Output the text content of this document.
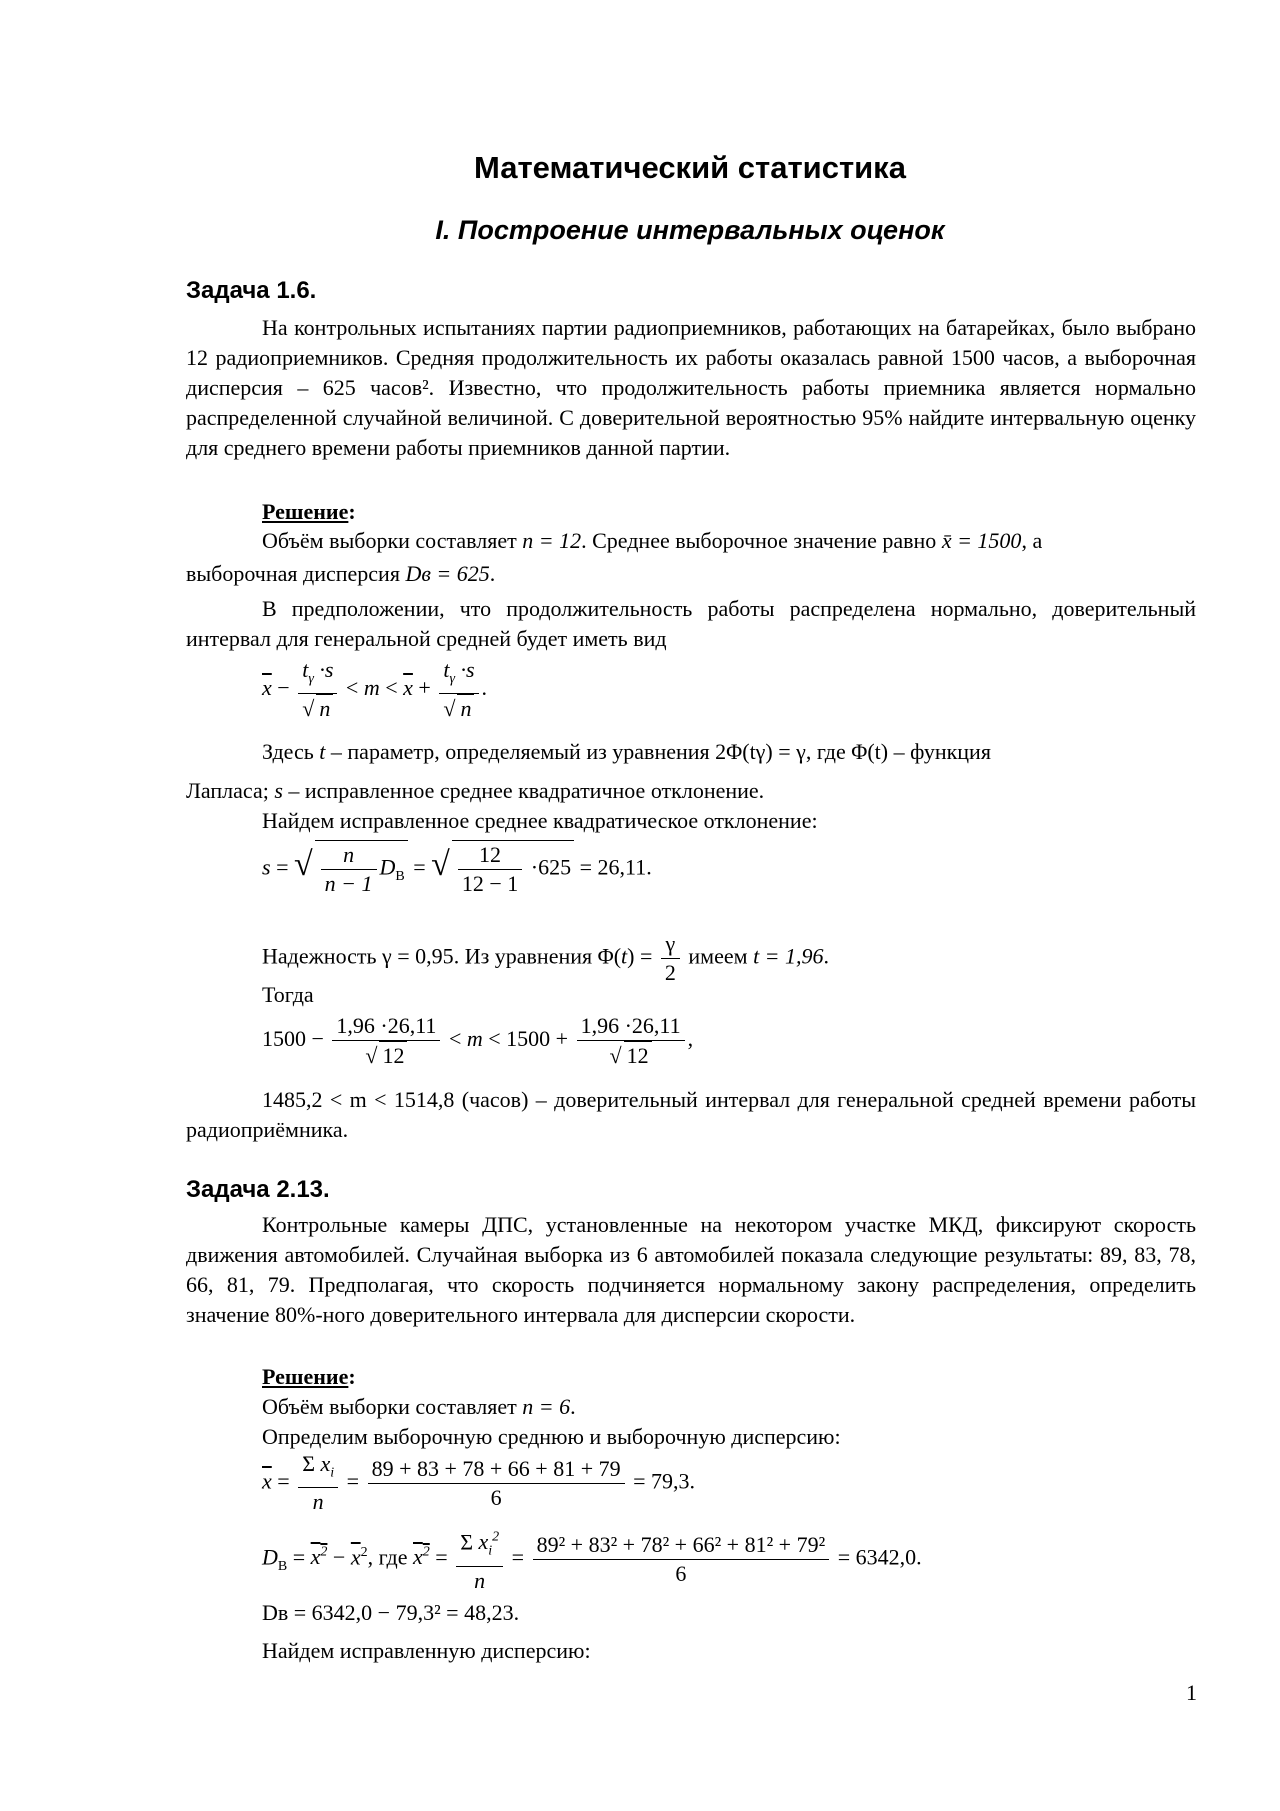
Математический статистика
I. Построение интервальных оценок
Задача 1.6.
На контрольных испытаниях партии радиоприемников, работающих на батарейках, было выбрано 12 радиоприемников. Средняя продолжительность их работы оказалась равной 1500 часов, а выборочная дисперсия – 625 часов². Известно, что продолжительность работы приемника является нормально распределенной случайной величиной. С доверительной вероятностью 95% найдите интервальную оценку для среднего времени работы приемников данной партии.
Решение:
Объём выборки составляет n = 12. Среднее выборочное значение равно x̄ = 1500, а
выборочная дисперсия Dв = 625.
В предположении, что продолжительность работы распределена нормально, доверительный интервал для генеральной средней будет иметь вид
$\overline{x} - t_\gamma \cdot s$
√ $n < m < \overline{x} + t_\gamma \cdot s$
√ n .
Здесь t – параметр, определяемый из уравнения 2Φ(tγ) = γ, где Φ(t) – функция
Лапласа; s – исправленное среднее квадратичное отклонение.
Найдем исправленное среднее квадратическое отклонение:
s = √ $\frac{n}{n - 1} D_В$ = √ $\frac{12}{12 - 1} \cdot 625 = 26,11$.
Надежность γ = 0,95. Из уравнения $\Phi(t) = \frac{\gamma}{2}$ имеем t = 1,96.
Тогда
1500 − 1,96 ·26,11
√ 12 < m < 1500 + 1,96 ·26,11
√ 12 ,
1485,2 < m < 1514,8 (часов) – доверительный интервал для генеральной средней времени работы радиоприёмника.
Задача 2.13.
Контрольные камеры ДПС, установленные на некотором участке МКД, фиксируют скорость движения автомобилей. Случайная выборка из 6 автомобилей показала следующие результаты: 89, 83, 78, 66, 81, 79. Предполагая, что скорость подчиняется нормальному закону распределения, определить значение 80%-ного доверительного интервала для дисперсии скорости.
Решение:
Объём выборки составляет n = 6.
Определим выборочную среднюю и выборочную дисперсию:
$\overline{x} = \frac{\Sigma x_i}{n} = \frac{89 + 83 + 78 + 66 + 81 + 79}{6} = 79,3$.
$D_В = x^2 - \overline{x}^2$, где $x^2 = \frac{\Sigma x_i^2}{n} = \frac{\text{89² + 83² + 78² + 66² + 81² + 79²}}{6} = 6342,0$.
Dв = 6342,0 − 79,3² = 48,23.
Найдем исправленную дисперсию:
1
